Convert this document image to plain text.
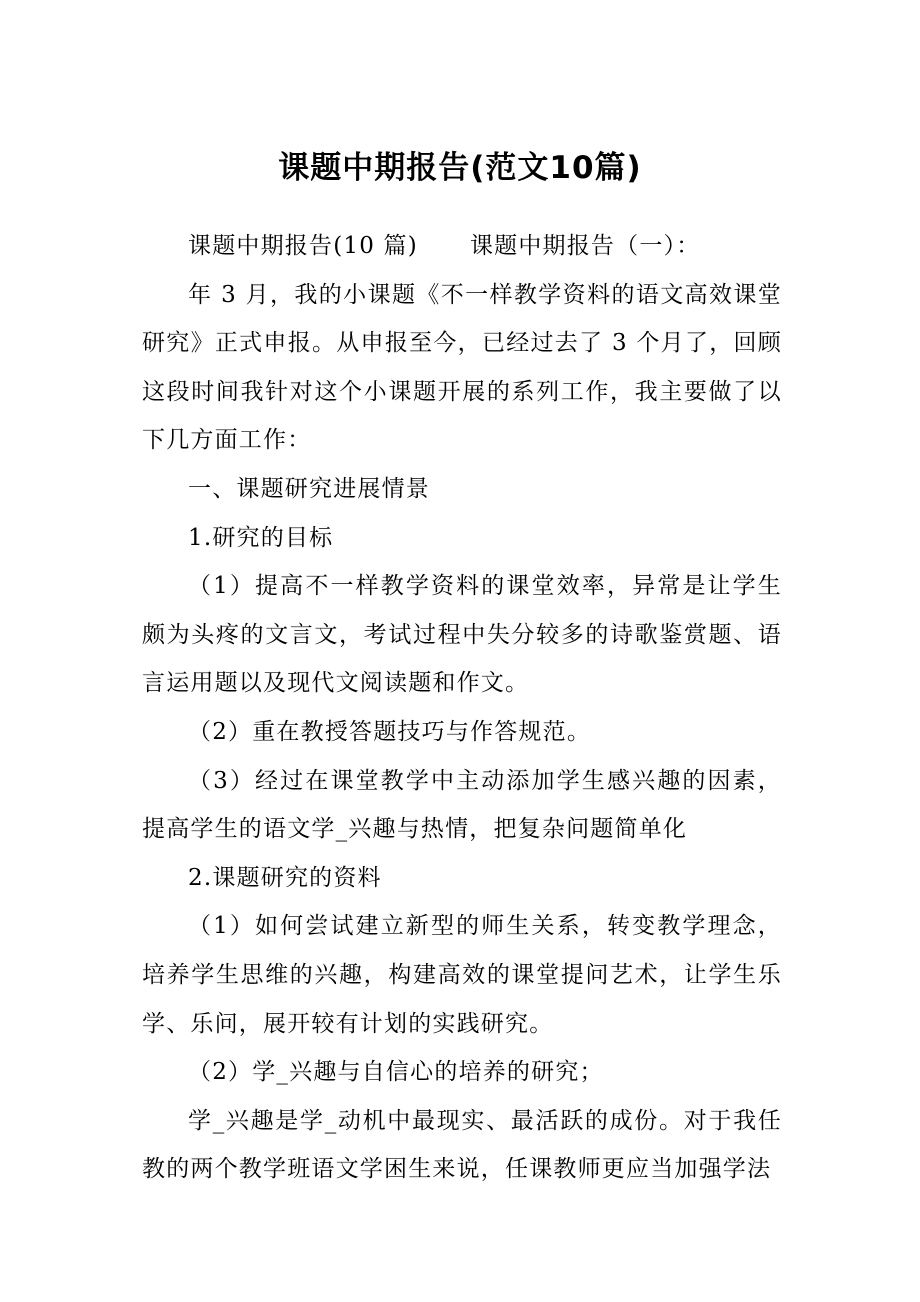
课题中期报告(范文10篇)

课题中期报告(10 篇) 课题中期报告（一）：

年 3 月，我的小课题《不一样教学资料的语文高效课堂研究》正式申报。从申报至今，已经过去了 3 个月了，回顾这段时间我针对这个小课题开展的系列工作，我主要做了以下几方面工作：

一、课题研究进展情景

1.研究的目标

（1）提高不一样教学资料的课堂效率，异常是让学生颇为头疼的文言文，考试过程中失分较多的诗歌鉴赏题、语言运用题以及现代文阅读题和作文。

（2）重在教授答题技巧与作答规范。

（3）经过在课堂教学中主动添加学生感兴趣的因素，提高学生的语文学_兴趣与热情，把复杂问题简单化

2.课题研究的资料

（1）如何尝试建立新型的师生关系，转变教学理念，培养学生思维的兴趣，构建高效的课堂提问艺术，让学生乐学、乐问，展开较有计划的实践研究。

（2）学_兴趣与自信心的培养的研究；

学_兴趣是学_动机中最现实、最活跃的成份。对于我任教的两个教学班语文学困生来说，任课教师更应当加强学法
